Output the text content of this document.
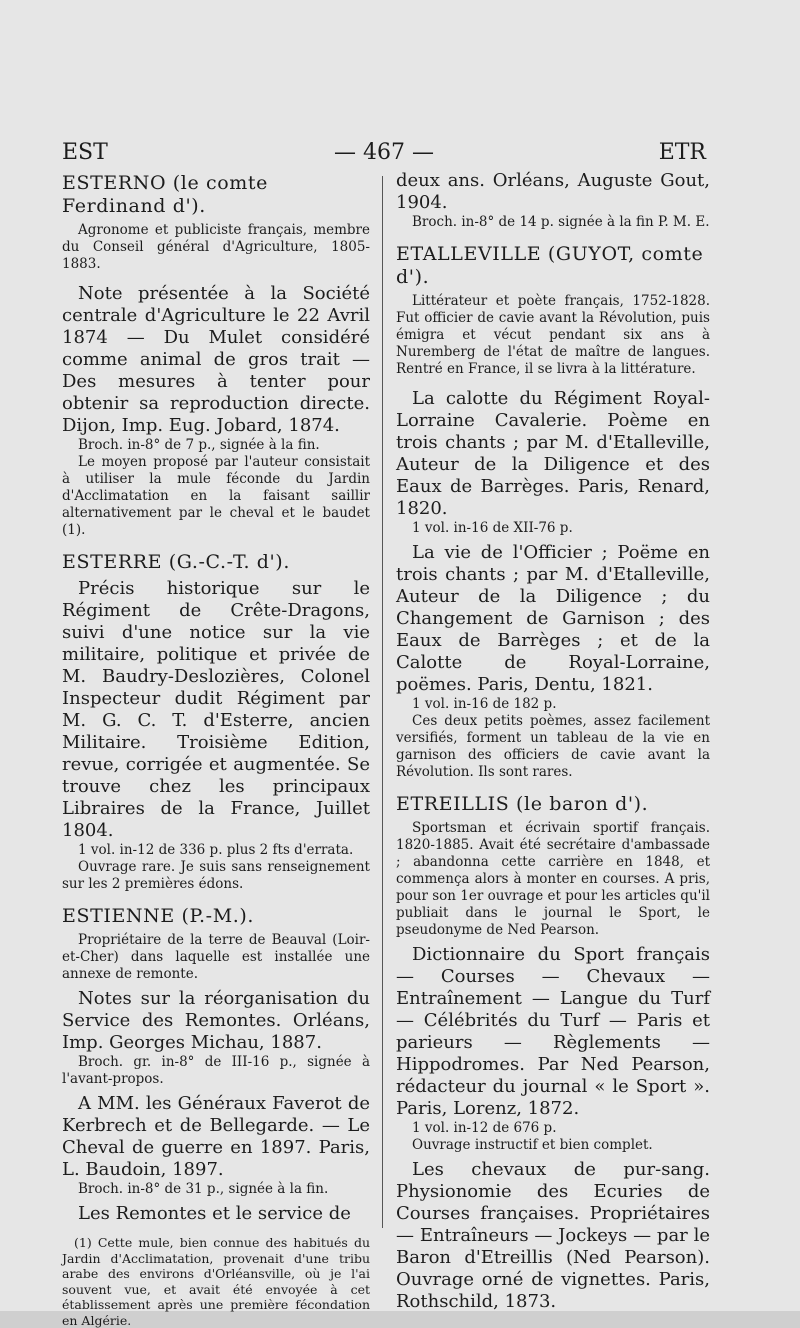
EST	— 467 —	ETR

ESTERNO (le comte Ferdinand d').

Agronome et publiciste français, membre du Conseil général d'Agriculture, 1805-1883.

Note présentée à la Société centrale d'Agriculture le 22 Avril 1874 — Du Mulet considéré comme animal de gros trait — Des mesures à tenter pour obtenir sa reproduction directe. Dijon, Imp. Eug. Jobard, 1874.

Broch. in-8° de 7 p., signée à la fin.

Le moyen proposé par l'auteur consistait à utiliser la mule féconde du Jardin d'Acclimatation en la faisant saillir alternativement par le cheval et le baudet (1).

ESTERRE (G.-C.-T. d').

Précis historique sur le Régiment de Crête-Dragons, suivi d'une notice sur la vie militaire, politique et privée de M. Baudry-Deslozières, Colonel Inspecteur dudit Régiment par M. G. C. T. d'Esterre, ancien Militaire. Troisième Edition, revue, corrigée et augmentée. Se trouve chez les principaux Libraires de la France, Juillet 1804.

1 vol. in-12 de 336 p. plus 2 fts d'errata.

Ouvrage rare. Je suis sans renseignement sur les 2 premières édons.

ESTIENNE (P.-M.).

Propriétaire de la terre de Beauval (Loir-et-Cher) dans laquelle est installée une annexe de remonte.

Notes sur la réorganisation du Service des Remontes. Orléans, Imp. Georges Michau, 1887.

Broch. gr. in-8° de III-16 p., signée à l'avant-propos.

A MM. les Généraux Faverot de Kerbrech et de Bellegarde. — Le Cheval de guerre en 1897. Paris, L. Baudoin, 1897.

Broch. in-8° de 31 p., signée à la fin.

Les Remontes et le service de

(1) Cette mule, bien connue des habitués du Jardin d'Acclimatation, provenait d'une tribu arabe des environs d'Orléansville, où je l'ai souvent vue, et avait été envoyée à cet établissement après une première fécondation en Algérie.

deux ans. Orléans, Auguste Gout, 1904.

Broch. in-8° de 14 p. signée à la fin P. M. E.

ETALLEVILLE (GUYOT, comte d').

Littérateur et poète français, 1752-1828. Fut officier de cavie avant la Révolution, puis émigra et vécut pendant six ans à Nuremberg de l'état de maître de langues. Rentré en France, il se livra à la littérature.

La calotte du Régiment Royal-Lorraine Cavalerie. Poème en trois chants ; par M. d'Etalleville, Auteur de la Diligence et des Eaux de Barrèges. Paris, Renard, 1820.

1 vol. in-16 de XII-76 p.

La vie de l'Officier ; Poëme en trois chants ; par M. d'Etalleville, Auteur de la Diligence ; du Changement de Garnison ; des Eaux de Barrèges ; et de la Calotte de Royal-Lorraine, poëmes. Paris, Dentu, 1821.

1 vol. in-16 de 182 p.

Ces deux petits poèmes, assez facilement versifiés, forment un tableau de la vie en garnison des officiers de cavie avant la Révolution. Ils sont rares.

ETREILLIS (le baron d').

Sportsman et écrivain sportif français. 1820-1885. Avait été secrétaire d'ambassade ; abandonna cette carrière en 1848, et commença alors à monter en courses. A pris, pour son 1er ouvrage et pour les articles qu'il publiait dans le journal le Sport, le pseudonyme de Ned Pearson.

Dictionnaire du Sport français — Courses — Chevaux — Entraînement — Langue du Turf — Célébrités du Turf — Paris et parieurs — Règlements — Hippodromes. Par Ned Pearson, rédacteur du journal « le Sport ». Paris, Lorenz, 1872.

1 vol. in-12 de 676 p.

Ouvrage instructif et bien complet.

Les chevaux de pur-sang. Physionomie des Ecuries de Courses françaises. Propriétaires — Entraîneurs — Jockeys — par le Baron d'Etreillis (Ned Pearson). Ouvrage orné de vignettes. Paris, Rothschild, 1873.
